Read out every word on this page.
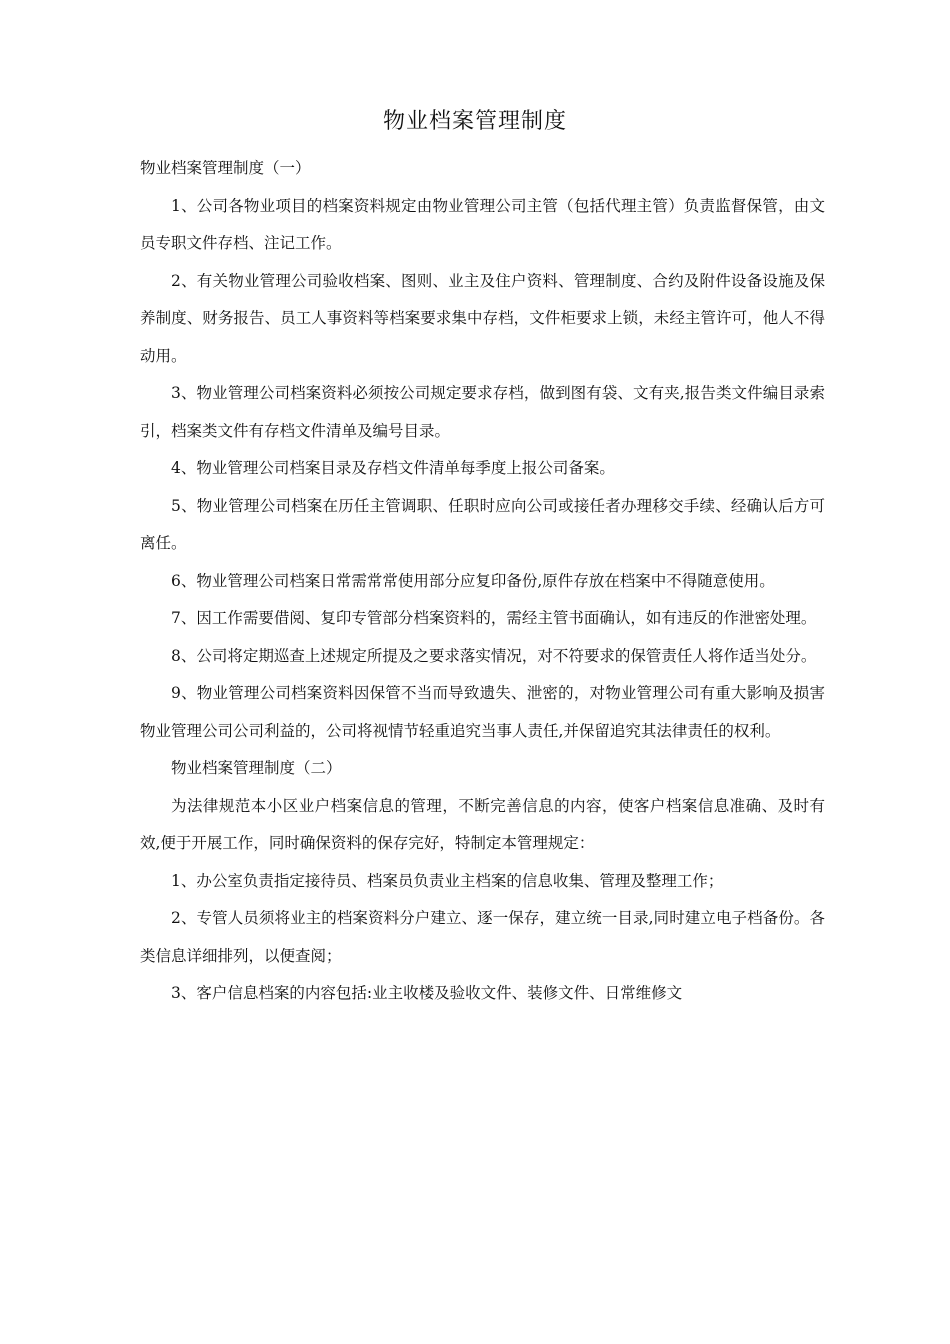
物业档案管理制度

物业档案管理制度（一）

1、公司各物业项目的档案资料规定由物业管理公司主管（包括代理主管）负责监督保管，由文员专职文件存档、注记工作。

2、有关物业管理公司验收档案、图则、业主及住户资料、管理制度、合约及附件设备设施及保养制度、财务报告、员工人事资料等档案要求集中存档，文件柜要求上锁，未经主管许可，他人不得动用。

3、物业管理公司档案资料必须按公司规定要求存档，做到图有袋、文有夹,报告类文件编目录索引，档案类文件有存档文件清单及编号目录。

4、物业管理公司档案目录及存档文件清单每季度上报公司备案。

5、物业管理公司档案在历任主管调职、任职时应向公司或接任者办理移交手续、经确认后方可离任。

6、物业管理公司档案日常需常常使用部分应复印备份,原件存放在档案中不得随意使用。

7、因工作需要借阅、复印专管部分档案资料的，需经主管书面确认，如有违反的作泄密处理。

8、公司将定期巡查上述规定所提及之要求落实情况，对不符要求的保管责任人将作适当处分。

9、物业管理公司档案资料因保管不当而导致遗失、泄密的，对物业管理公司有重大影响及损害物业管理公司公司利益的，公司将视情节轻重追究当事人责任,并保留追究其法律责任的权利。

物业档案管理制度（二）

为法律规范本小区业户档案信息的管理，不断完善信息的内容，使客户档案信息准确、及时有效,便于开展工作，同时确保资料的保存完好，特制定本管理规定：

1、办公室负责指定接待员、档案员负责业主档案的信息收集、管理及整理工作；

2、专管人员须将业主的档案资料分户建立、逐一保存，建立统一目录,同时建立电子档备份。各类信息详细排列，以便查阅；

3、客户信息档案的内容包括:业主收楼及验收文件、装修文件、日常维修文
